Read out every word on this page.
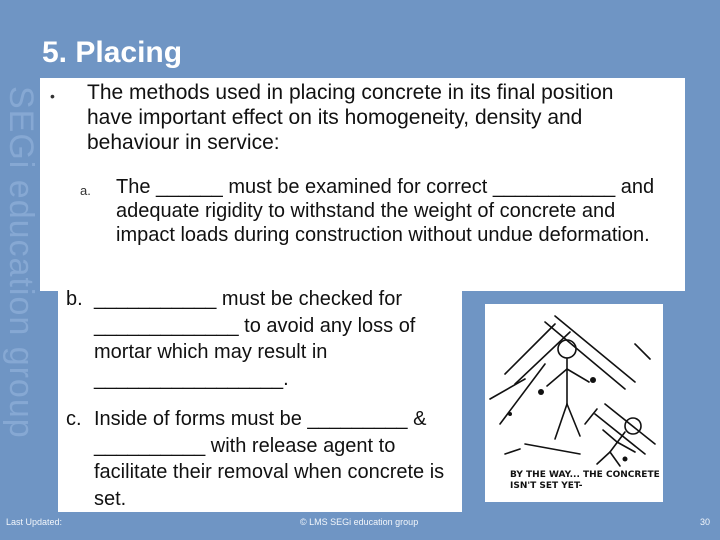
SEGi education group
5. Placing
• The methods used in placing concrete in its final position have important effect on its homogeneity, density and behaviour in service:
a. The ______ must be examined for correct ___________ and adequate rigidity to withstand the weight of concrete and impact loads during construction without undue deformation.
b. ___________ must be checked for _____________ to avoid any loss of mortar which may result in _________________.
c. Inside of forms must be _________ & __________ with release agent to facilitate their removal when concrete is set.
BY THE WAY... THE CONCRETE ISN'T SET YET-
Last Updated:	© LMS SEGi education group	30
